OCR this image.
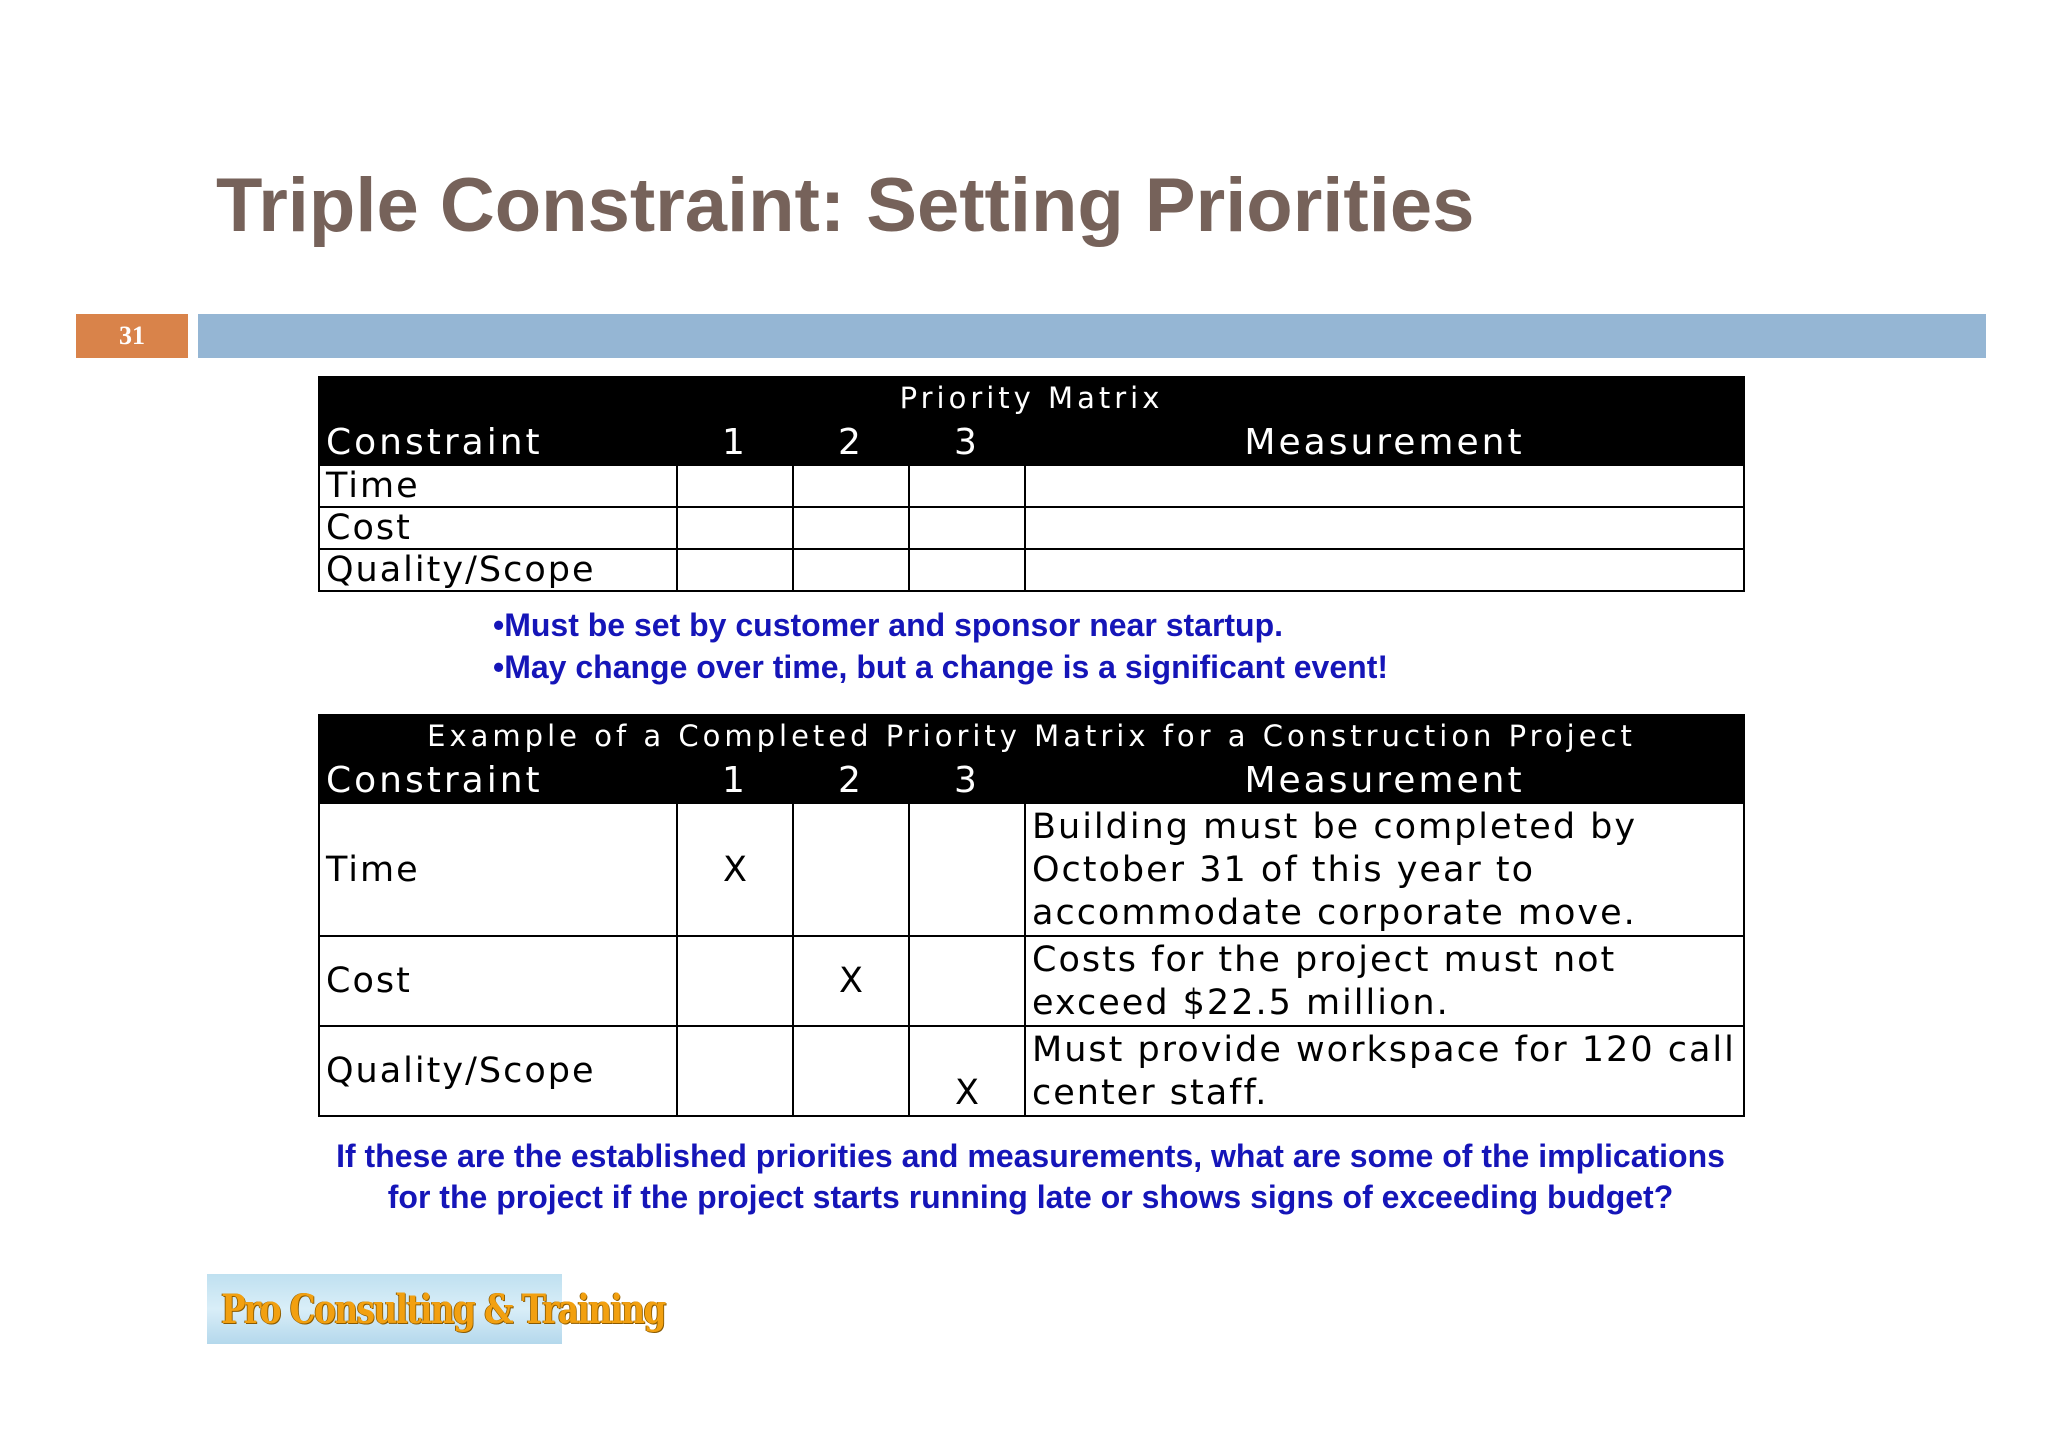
Triple Constraint: Setting Priorities
31
Priority Matrix				
Constraint	1	2	3	Measurement
Time				
Cost				
Quality/Scope				
•Must be set by customer and sponsor near startup.
•May change over time, but a change is a significant event!
Example of a Completed Priority Matrix for a Construction Project				
Constraint	1	2	3	Measurement
Time	X			Building must be completed by October 31 of this year to accommodate corporate move.
Cost		X		Costs for the project must not exceed $22.5 million.
Quality/Scope			X	Must provide workspace for 120 call center staff.
If these are the established priorities and measurements, what are some of the implications for the project if the project starts running late or shows signs of exceeding budget?
Pro Consulting & Training
